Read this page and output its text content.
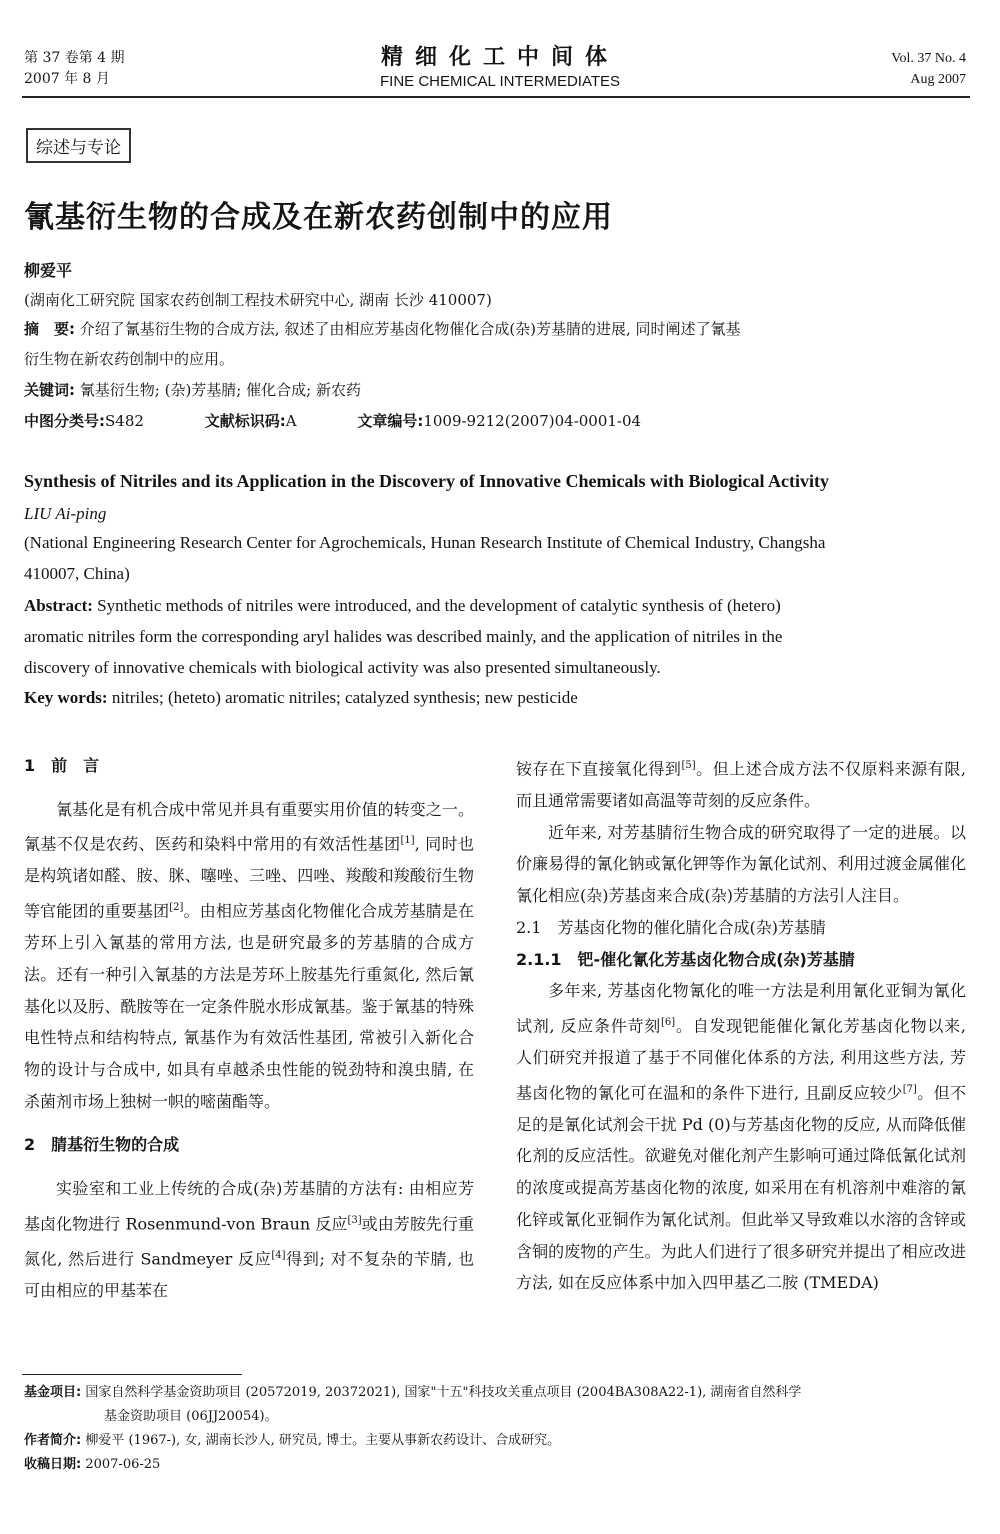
第 37 卷第 4 期
2007 年 8 月
精细化工中间体
FINE CHEMICAL INTERMEDIATES
Vol. 37 No. 4
Aug 2007
综述与专论
氰基衍生物的合成及在新农药创制中的应用
柳爱平
(湖南化工研究院 国家农药创制工程技术研究中心, 湖南 长沙 410007)
摘　要: 介绍了氰基衍生物的合成方法, 叙述了由相应芳基卤化物催化合成(杂)芳基腈的进展, 同时阐述了氰基
衍生物在新农药创制中的应用。
关键词: 氰基衍生物; (杂)芳基腈; 催化合成; 新农药
中图分类号:S482	文献标识码:A	文章编号:1009-9212(2007)04-0001-04
Synthesis of Nitriles and its Application in the Discovery of Innovative Chemicals with Biological Activity
LIU Ai-ping
(National Engineering Research Center for Agrochemicals, Hunan Research Institute of Chemical Industry, Changsha
410007, China)
Abstract: Synthetic methods of nitriles were introduced, and the development of catalytic synthesis of (hetero)
aromatic nitriles form the corresponding aryl halides was described mainly, and the application of nitriles in the
discovery of innovative chemicals with biological activity was also presented simultaneously.
Key words: nitriles; (heteto) aromatic nitriles; catalyzed synthesis; new pesticide

1　前　言

氰基化是有机合成中常见并具有重要实用价值的转变之一。氰基不仅是农药、医药和染料中常用的有效活性基团[1], 同时也是构筑诸如醛、胺、脒、噻唑、三唑、四唑、羧酸和羧酸衍生物等官能团的重要基团[2]。由相应芳基卤化物催化合成芳基腈是在芳环上引入氰基的常用方法, 也是研究最多的芳基腈的合成方法。还有一种引入氰基的方法是芳环上胺基先行重氮化, 然后氰基化以及肟、酰胺等在一定条件脱水形成氰基。鉴于氰基的特殊电性特点和结构特点, 氰基作为有效活性基团, 常被引入新化合物的设计与合成中, 如具有卓越杀虫性能的锐劲特和溴虫腈, 在杀菌剂市场上独树一帜的嘧菌酯等。

2　腈基衍生物的合成

实验室和工业上传统的合成(杂)芳基腈的方法有: 由相应芳基卤化物进行 Rosenmund-von Braun 反应[3]或由芳胺先行重氮化, 然后进行 Sandmeyer 反应[4]得到; 对不复杂的苄腈, 也可由相应的甲基苯在

铵存在下直接氧化得到[5]。但上述合成方法不仅原料来源有限, 而且通常需要诸如高温等苛刻的反应条件。

近年来, 对芳基腈衍生物合成的研究取得了一定的进展。以价廉易得的氰化钠或氰化钾等作为氰化试剂、利用过渡金属催化氰化相应(杂)芳基卤来合成(杂)芳基腈的方法引人注目。

2.1　芳基卤化物的催化腈化合成(杂)芳基腈

2.1.1　钯-催化氰化芳基卤化物合成(杂)芳基腈

多年来, 芳基卤化物氰化的唯一方法是利用氰化亚铜为氰化试剂, 反应条件苛刻[6]。自发现钯能催化氰化芳基卤化物以来, 人们研究并报道了基于不同催化体系的方法, 利用这些方法, 芳基卤化物的氰化可在温和的条件下进行, 且副反应较少[7]。但不足的是氰化试剂会干扰 Pd (0)与芳基卤化物的反应, 从而降低催化剂的反应活性。欲避免对催化剂产生影响可通过降低氰化试剂的浓度或提高芳基卤化物的浓度, 如采用在有机溶剂中难溶的氰化锌或氰化亚铜作为氰化试剂。但此举又导致难以水溶的含锌或含铜的废物的产生。为此人们进行了很多研究并提出了相应改进方法, 如在反应体系中加入四甲基乙二胺 (TMEDA)

基金项目: 国家自然科学基金资助项目 (20572019, 20372021), 国家"十五"科技攻关重点项目 (2004BA308A22-1), 湖南省自然科学
基金资助项目 (06JJ20054)。
作者简介: 柳爱平 (1967-), 女, 湖南长沙人, 研究员, 博士。主要从事新农药设计、合成研究。
收稿日期: 2007-06-25
